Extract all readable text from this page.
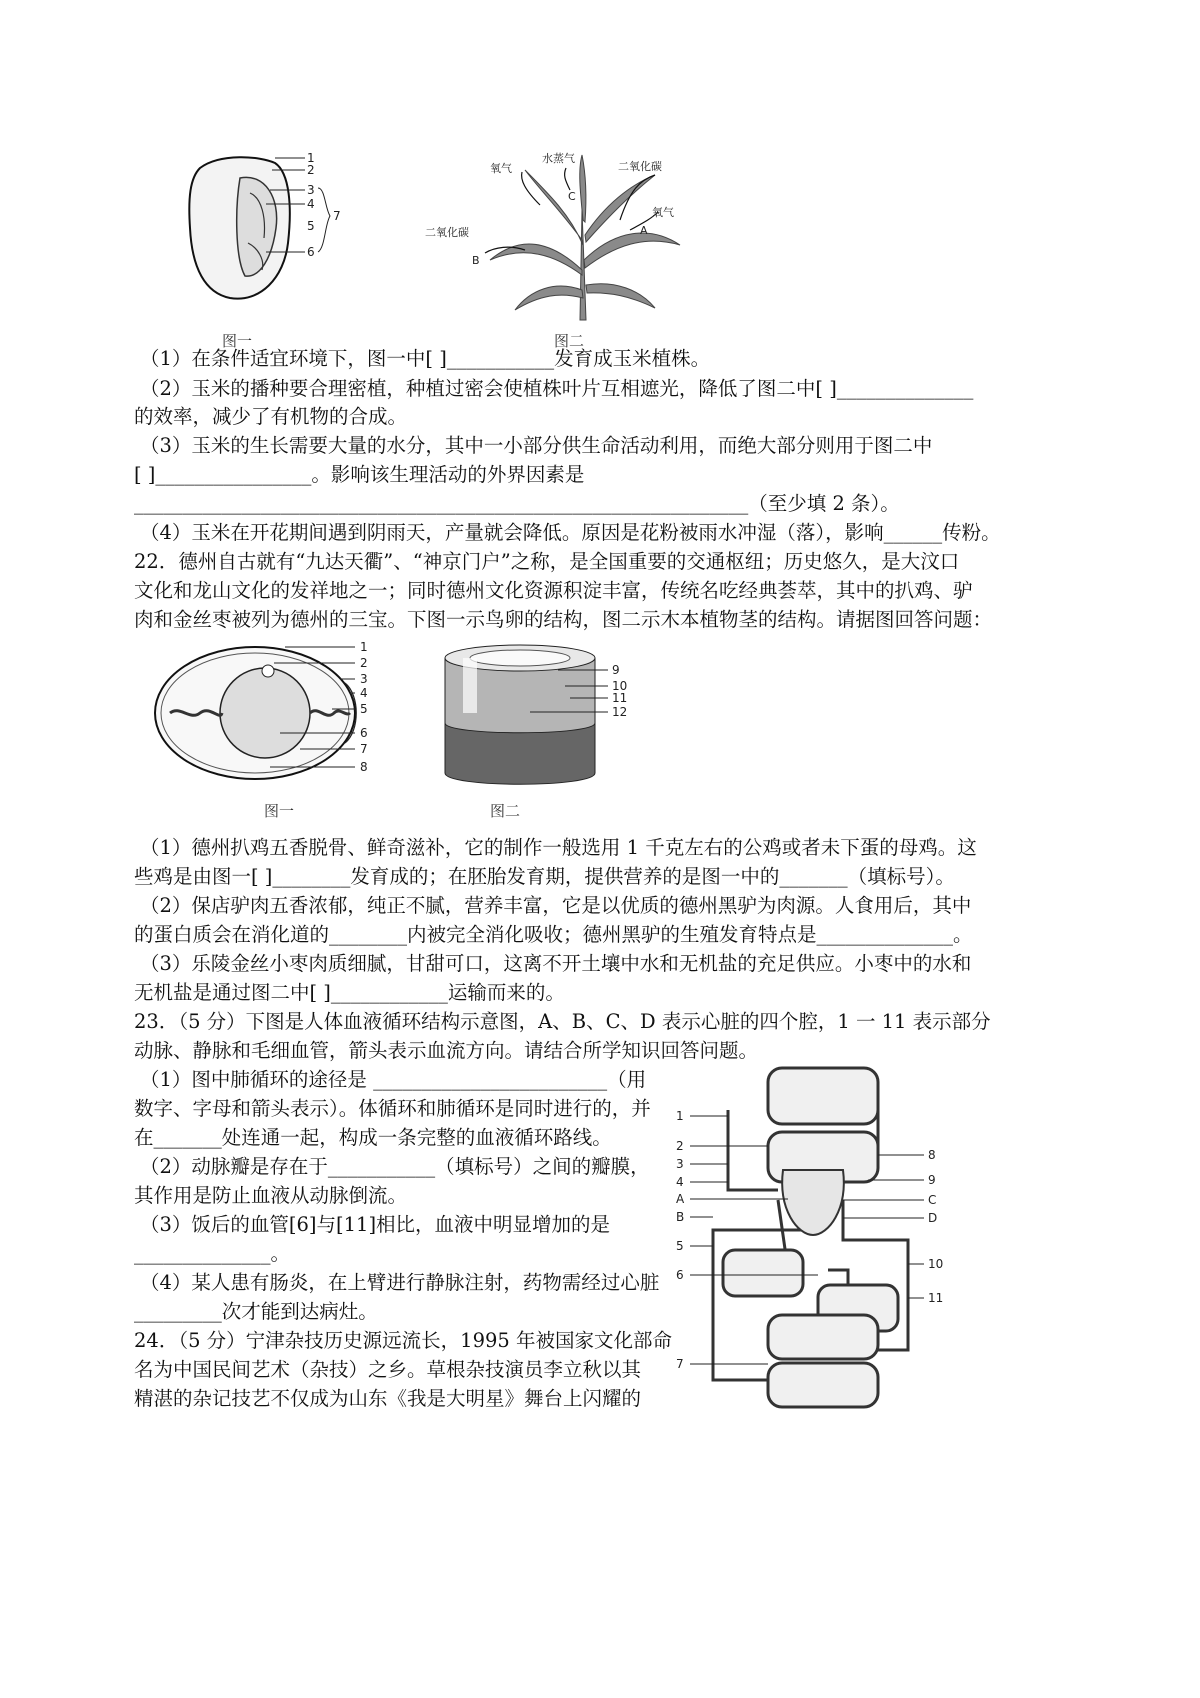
1
2
3
4
5
6
7
图一
氧气
水蒸气
二氧化碳
二氧化碳
氧气
A
B
C
图二
（1）在条件适宜环境下，图一中[ ]___________发育成玉米植株。
（2）玉米的播种要合理密植，种植过密会使植株叶片互相遮光，降低了图二中[ ]______________
的效率，减少了有机物的合成。
（3）玉米的生长需要大量的水分，其中一小部分供生命活动利用，而绝大部分则用于图二中
[ ]________________。影响该生理活动的外界因素是
_______________________________________________________________（至少填 2 条）。
（4）玉米在开花期间遇到阴雨天，产量就会降低。原因是花粉被雨水冲湿（落），影响______传粉。
22．德州自古就有“九达天衢”、“神京门户”之称，是全国重要的交通枢纽；历史悠久，是大汶口
文化和龙山文化的发祥地之一；同时德州文化资源积淀丰富，传统名吃经典荟萃，其中的扒鸡、驴
肉和金丝枣被列为德州的三宝。下图一示鸟卵的结构，图二示木本植物茎的结构。请据图回答问题：
1
2
3
4
5
6
7
8
图一
9
10
11
12
图二
（1）德州扒鸡五香脱骨、鲜奇滋补，它的制作一般选用 1 千克左右的公鸡或者未下蛋的母鸡。这
些鸡是由图一[ ]________发育成的；在胚胎发育期，提供营养的是图一中的_______（填标号）。
（2）保店驴肉五香浓郁，纯正不腻，营养丰富，它是以优质的德州黑驴为肉源。人食用后，其中
的蛋白质会在消化道的________内被完全消化吸收；德州黑驴的生殖发育特点是______________。
（3）乐陵金丝小枣肉质细腻，甘甜可口，这离不开土壤中水和无机盐的充足供应。小枣中的水和
无机盐是通过图二中[ ]____________运输而来的。
23．（5 分）下图是人体血液循环结构示意图，A、B、C、D 表示心脏的四个腔，1 一 11 表示部分
动脉、静脉和毛细血管，箭头表示血流方向。请结合所学知识回答问题。
（1）图中肺循环的途径是 ________________________（用
数字、字母和箭头表示）。体循环和肺循环是同时进行的，并
在_______处连通一起，构成一条完整的血液循环路线。
（2）动脉瓣是存在于___________（填标号）之间的瓣膜，
其作用是防止血液从动脉倒流。
（3）饭后的血管[6]与[11]相比，血液中明显增加的是
______________。
（4）某人患有肠炎，在上臂进行静脉注射，药物需经过心脏
_________次才能到达病灶。
1
2
3
4
A
B
5
6
7
8
9
C
D
10
11
24．（5 分）宁津杂技历史源远流长，1995 年被国家文化部命
名为中国民间艺术（杂技）之乡。草根杂技演员李立秋以其
精湛的杂记技艺不仅成为山东《我是大明星》舞台上闪耀的
